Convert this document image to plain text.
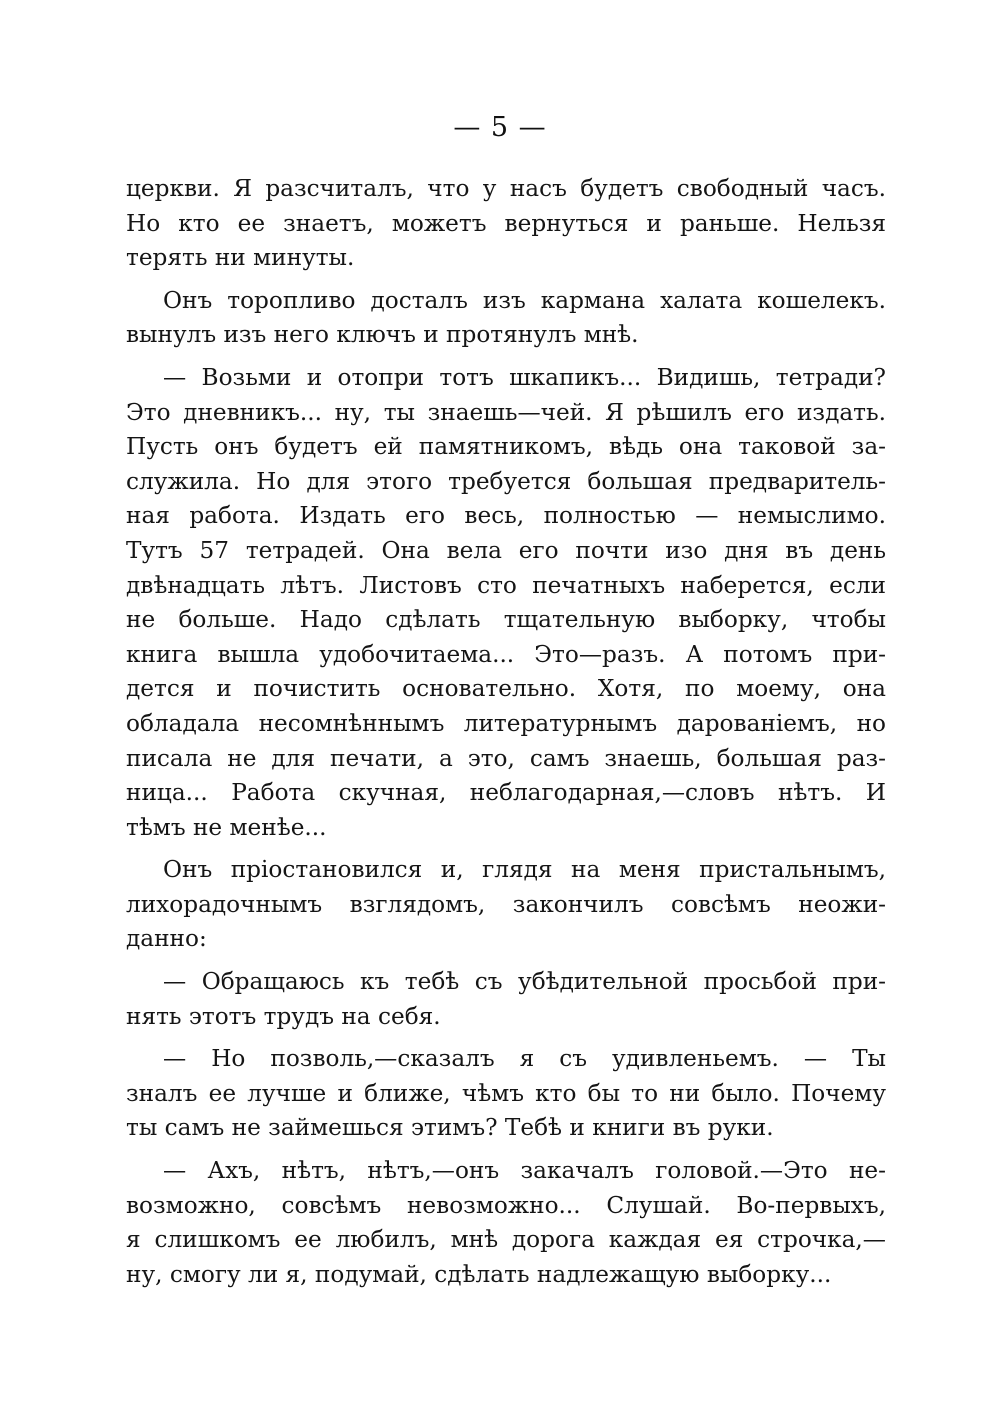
— 5 —
церкви. Я разсчиталъ, что у насъ будетъ свободный часъ.
Но кто ее знаетъ, можетъ вернуться и раньше. Нельзя
терять ни минуты.
Онъ торопливо досталъ изъ кармана халата кошелекъ.
вынулъ изъ него ключъ и протянулъ мнѣ.
— Возьми и отопри тотъ шкапикъ... Видишь, тетради?
Это дневникъ... ну, ты знаешь—чей. Я рѣшилъ его издать.
Пусть онъ будетъ ей памятникомъ, вѣдь она таковой за-
служила. Но для этого требуется большая предваритель-
ная работа. Издать его весь, полностью — немыслимо.
Тутъ 57 тетрадей. Она вела его почти изо дня въ день
двѣнадцать лѣтъ. Листовъ сто печатныхъ наберется, если
не больше. Надо сдѣлать тщательную выборку, чтобы
книга вышла удобочитаема... Это—разъ. А потомъ при-
дется и почистить основательно. Хотя, по моему, она
обладала несомнѣннымъ литературнымъ дарованіемъ, но
писала не для печати, а это, самъ знаешь, большая раз-
ница... Работа скучная, неблагодарная,—словъ нѣтъ. И
тѣмъ не менѣе...
Онъ пріостановился и, глядя на меня пристальнымъ,
лихорадочнымъ взглядомъ, закончилъ совсѣмъ неожи-
данно:
— Обращаюсь къ тебѣ съ убѣдительной просьбой при-
нять этотъ трудъ на себя.
— Но позволь,—сказалъ я съ удивленьемъ. — Ты
зналъ ее лучше и ближе, чѣмъ кто бы то ни было. Почему
ты самъ не займешься этимъ? Тебѣ и книги въ руки.
— Ахъ, нѣтъ, нѣтъ,—онъ закачалъ головой.—Это не-
возможно, совсѣмъ невозможно... Слушай. Во-первыхъ,
я слишкомъ ее любилъ, мнѣ дорога каждая ея строчка,—
ну, смогу ли я, подумай, сдѣлать надлежащую выборку...
